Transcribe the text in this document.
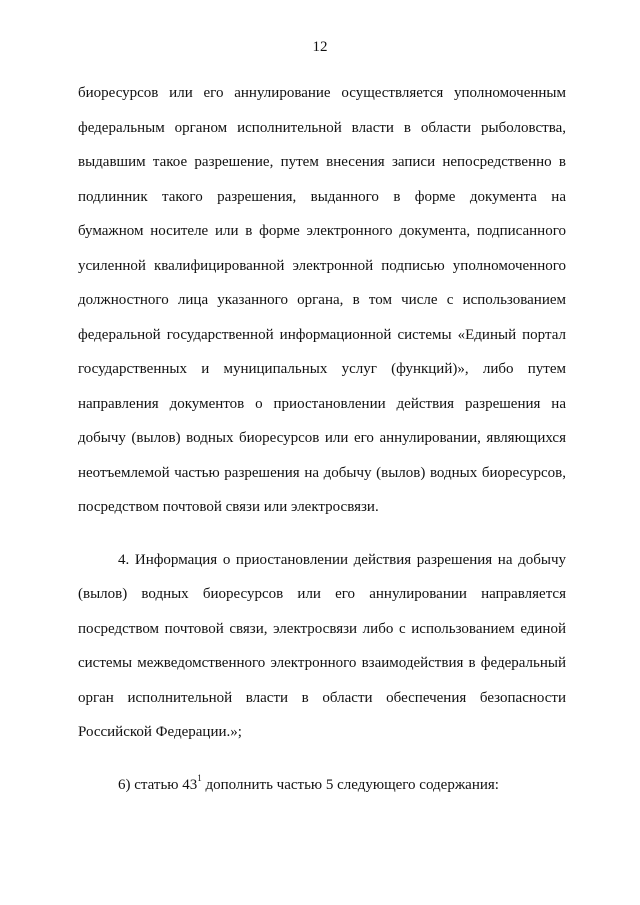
12
биоресурсов или его аннулирование осуществляется уполномоченным
федеральным органом исполнительной власти в области рыболовства,
выдавшим такое разрешение, путем внесения записи непосредственно в
подлинник такого разрешения, выданного в форме документа на
бумажном носителе или в форме электронного документа, подписанного
усиленной квалифицированной электронной подписью уполномоченного
должностного лица указанного органа, в том числе с использованием
федеральной государственной информационной системы «Единый портал
государственных и муниципальных услуг (функций)», либо путем
направления документов о приостановлении действия разрешения на
добычу (вылов) водных биоресурсов или его аннулировании, являющихся
неотъемлемой частью разрешения на добычу (вылов) водных биоресурсов,
посредством почтовой связи или электросвязи.
4. Информация о приостановлении действия разрешения на добычу
(вылов) водных биоресурсов или его аннулировании направляется
посредством почтовой связи, электросвязи либо с использованием единой
системы межведомственного электронного взаимодействия в федеральный
орган исполнительной власти в области обеспечения безопасности
Российской Федерации.»;
6) статью $43^1$ дополнить частью 5 следующего содержания:
